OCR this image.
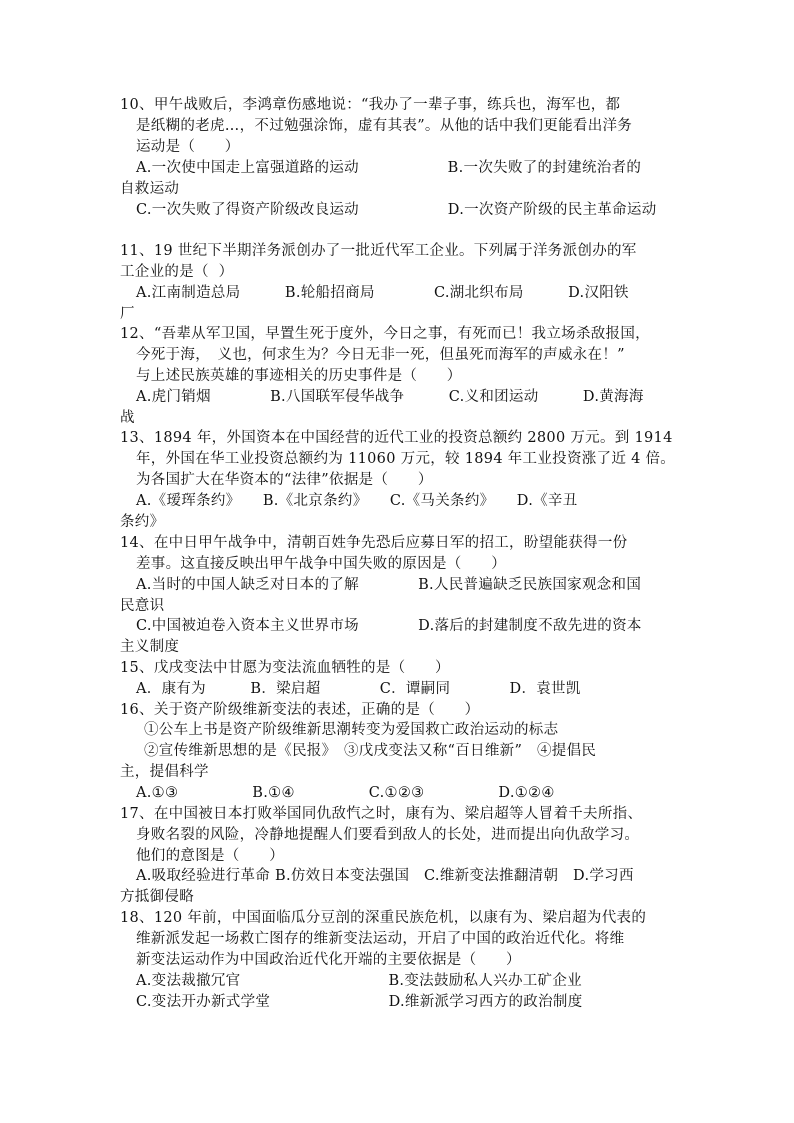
10、甲午战败后，李鸿章伤感地说：“我办了一辈子事，练兵也，海军也，都
是纸糊的老虎…，不过勉强涂饰，虚有其表”。从他的话中我们更能看出洋务
运动是（　　）
A.一次使中国走上富强道路的运动　　　　　　B.一次失败了的封建统治者的
自救运动
C.一次失败了得资产阶级改良运动　　　　　　D.一次资产阶级的民主革命运动
11、19 世纪下半期洋务派创办了一批近代军工企业。下列属于洋务派创办的军
工企业的是（  ）
A.江南制造总局　　　B.轮船招商局　　　　C.湖北织布局　　　D.汉阳铁
厂
12、“吾辈从军卫国，早置生死于度外，今日之事，有死而已！我立场杀敌报国，
今死于海，　义也，何求生为？今日无非一死，但虽死而海军的声威永在！”
与上述民族英雄的事迹相关的历史事件是（　　）
A.虎门销烟　　　　B.八国联军侵华战争　　　C.义和团运动　　　D.黄海海
战
13、1894 年，外国资本在中国经营的近代工业的投资总额约 2800 万元。到 1914
年，外国在华工业投资总额约为 11060 万元，较 1894 年工业投资涨了近 4 倍。
为各国扩大在华资本的“法律”依据是（　　）
A.《瑷珲条约》　　B.《北京条约》　　C.《马关条约》　　D.《辛丑
条约》
14、在中日甲午战争中，清朝百姓争先恐后应募日军的招工，盼望能获得一份
差事。这直接反映出甲午战争中国失败的原因是（　　）
A.当时的中国人缺乏对日本的了解　　　　B.人民普遍缺乏民族国家观念和国
民意识
C.中国被迫卷入资本主义世界市场　　　　D.落后的封建制度不敌先进的资本
主义制度
15、戊戌变法中甘愿为变法流血牺牲的是（　　）
A．康有为　　　B．梁启超　　　　C．谭嗣同　　　　D．袁世凯
16、关于资产阶级维新变法的表述，正确的是（　　）
①公车上书是资产阶级维新思潮转变为爱国救亡政治运动的标志
②宣传维新思想的是《民报》　③戊戌变法又称“百日维新”　④提倡民
主，提倡科学
A.①③　　　　　B.①④　　　　　C.①②③　　　　　D.①②④
17、在中国被日本打败举国同仇敌忾之时，康有为、梁启超等人冒着千夫所指、
身败名裂的风险，冷静地提醒人们要看到敌人的长处，进而提出向仇敌学习。
他们的意图是（　　）
A.吸取经验进行革命 B.仿效日本变法强国　C.维新变法推翻清朝　D.学习西
方抵御侵略
18、120 年前，中国面临瓜分豆剖的深重民族危机，以康有为、梁启超为代表的
维新派发起一场救亡图存的维新变法运动，开启了中国的政治近代化。将维
新变法运动作为中国政治近代化开端的主要依据是（　　）
A.变法裁撤冗官　　　　　　　　　　B.变法鼓励私人兴办工矿企业
C.变法开办新式学堂　　　　　　　　D.维新派学习西方的政治制度
